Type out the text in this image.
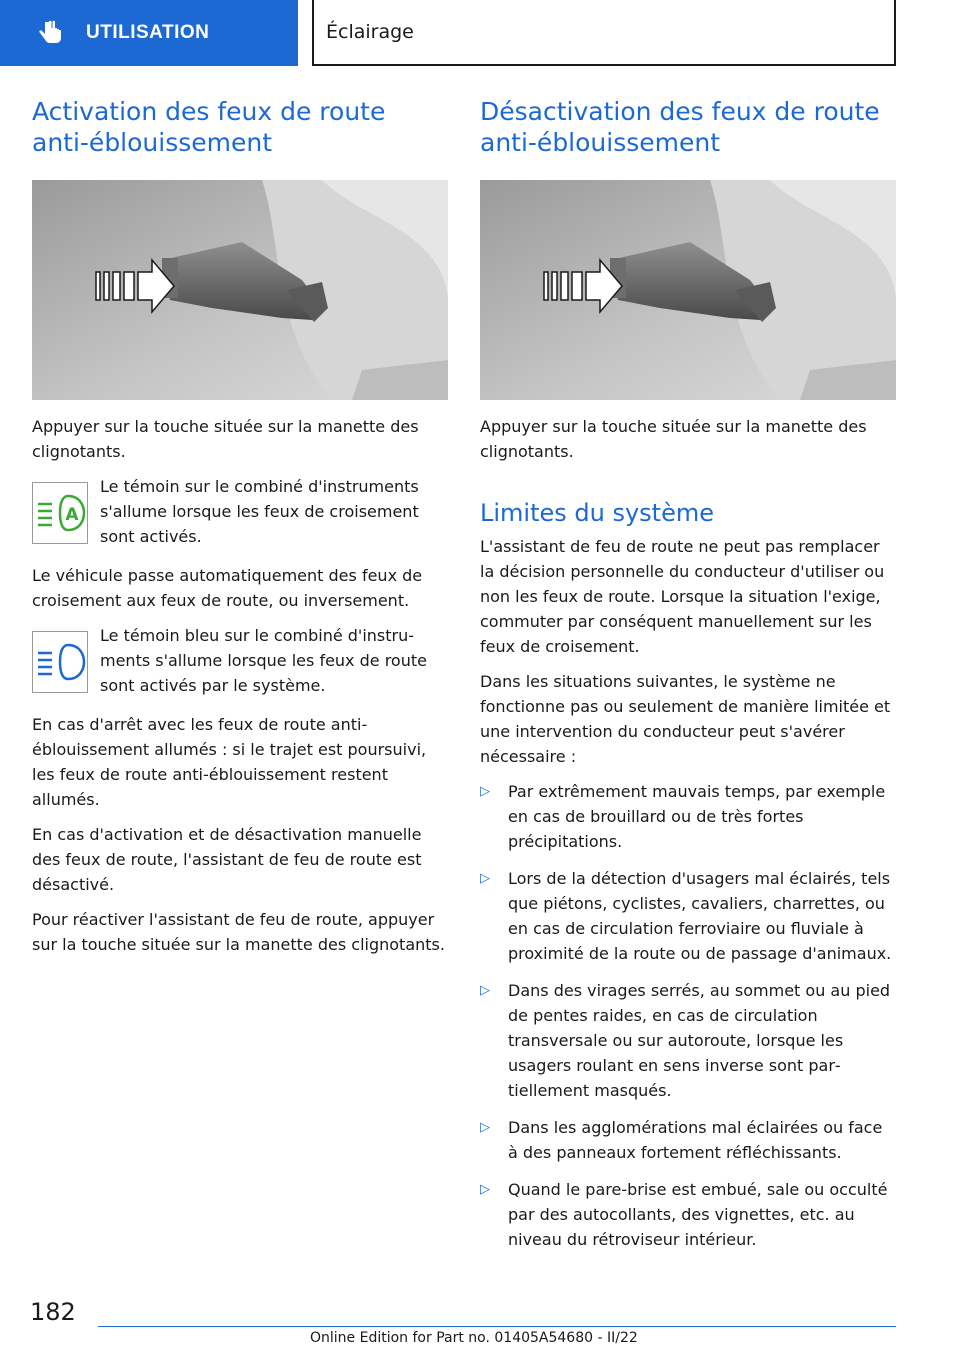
UTILISATION	Éclairage
Activation des feux de route anti-éblouissement

Appuyer sur la touche située sur la manette des clignotants.

A

Le témoin sur le combiné d'instruments s'allume lorsque les feux de croisement sont activés.

Le véhicule passe automatiquement des feux de croisement aux feux de route, ou inversement.

Le témoin bleu sur le combiné d'instruments s'allume lorsque les feux de route sont activés par le système.

En cas d'arrêt avec les feux de route anti-éblouissement allumés : si le trajet est poursuivi, les feux de route anti-éblouissement restent allumés.

En cas d'activation et de désactivation manuelle des feux de route, l'assistant de feu de route est désactivé.

Pour réactiver l'assistant de feu de route, appuyer sur la touche située sur la manette des clignotants.

Désactivation des feux de route anti-éblouissement

Appuyer sur la touche située sur la manette des clignotants.

Limites du système

L'assistant de feu de route ne peut pas remplacer la décision personnelle du conducteur d'utiliser ou non les feux de route. Lorsque la situation l'exige, commuter par conséquent manuellement sur les feux de croisement.

Dans les situations suivantes, le système ne fonctionne pas ou seulement de manière limitée et une intervention du conducteur peut s'avérer nécessaire :

▷	Par extrêmement mauvais temps, par exemple en cas de brouillard ou de très fortes précipitations.
▷	Lors de la détection d'usagers mal éclairés, tels que piétons, cyclistes, cavaliers, charrettes, ou en cas de circulation ferroviaire ou fluviale à proximité de la route ou de passage d'animaux.
▷	Dans des virages serrés, au sommet ou au pied de pentes raides, en cas de circulation transversale ou sur autoroute, lorsque les usagers roulant en sens inverse sont partiellement masqués.
▷	Dans les agglomérations mal éclairées ou face à des panneaux fortement réfléchissants.
▷	Quand le pare-brise est embué, sale ou occulté par des autocollants, des vignettes, etc. au niveau du rétroviseur intérieur.
182
Online Edition for Part no. 01405A54680 - II/22
